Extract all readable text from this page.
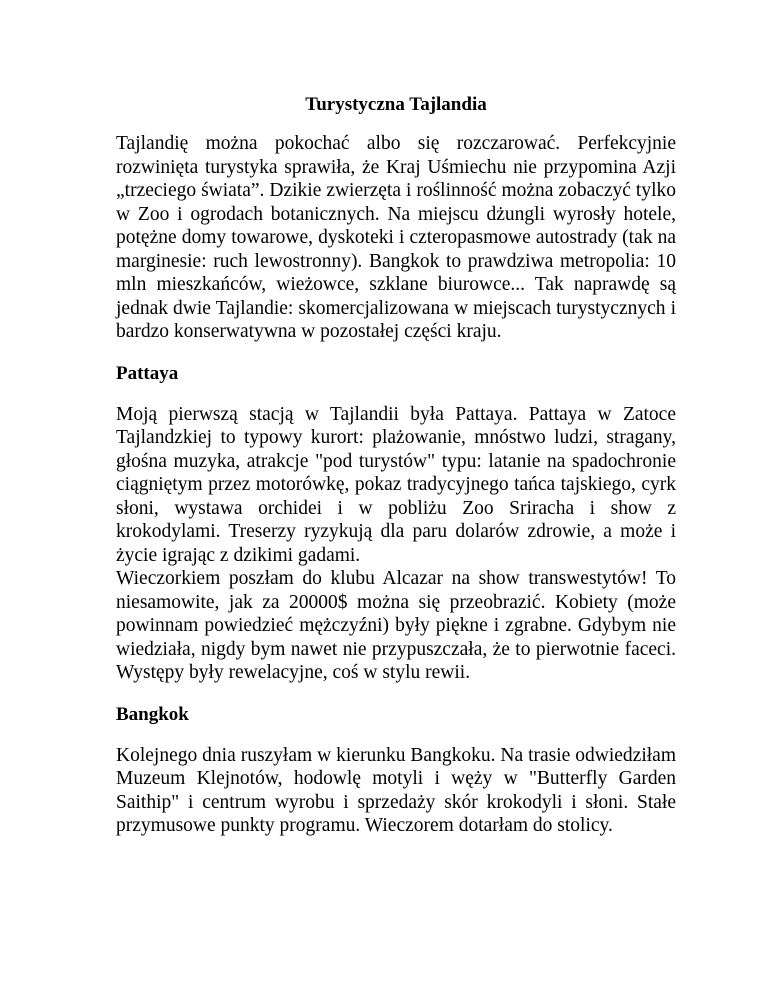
Turystyczna Tajlandia

Tajlandię można pokochać albo się rozczarować. Perfekcyjnie rozwinięta turystyka sprawiła, że Kraj Uśmiechu nie przypomina Azji „trzeciego świata”. Dzikie zwierzęta i roślinność można zobaczyć tylko w Zoo i ogrodach botanicznych. Na miejscu dżungli wyrosły hotele, potężne domy towarowe, dyskoteki i czteropasmowe autostrady (tak na marginesie: ruch lewostronny). Bangkok to prawdziwa metropolia: 10 mln mieszkańców, wieżowce, szklane biurowce... Tak naprawdę są jednak dwie Tajlandie: skomercjalizowana w miejscach turystycznych i bardzo konserwatywna w pozostałej części kraju.

Pattaya

Moją pierwszą stacją w Tajlandii była Pattaya. Pattaya w Zatoce Tajlandzkiej to typowy kurort: plażowanie, mnóstwo ludzi, stragany, głośna muzyka, atrakcje "pod turystów" typu: latanie na spadochronie ciągniętym przez motorówkę, pokaz tradycyjnego tańca tajskiego, cyrk słoni, wystawa orchidei i w pobliżu Zoo Sriracha i show z krokodylami. Treserzy ryzykują dla paru dolarów zdrowie, a może i życie igrając z dzikimi gadami.

Wieczorkiem poszłam do klubu Alcazar na show transwestytów! To niesamowite, jak za 20000$ można się przeobrazić. Kobiety (może powinnam powiedzieć mężczyźni) były piękne i zgrabne. Gdybym nie wiedziała, nigdy bym nawet nie przypuszczała, że to pierwotnie faceci. Występy były rewelacyjne, coś w stylu rewii.

Bangkok

Kolejnego dnia ruszyłam w kierunku Bangkoku. Na trasie odwiedziłam Muzeum Klejnotów, hodowlę motyli i węży w "Butterfly Garden Saithip" i centrum wyrobu i sprzedaży skór krokodyli i słoni. Stałe przymusowe punkty programu. Wieczorem dotarłam do stolicy.
